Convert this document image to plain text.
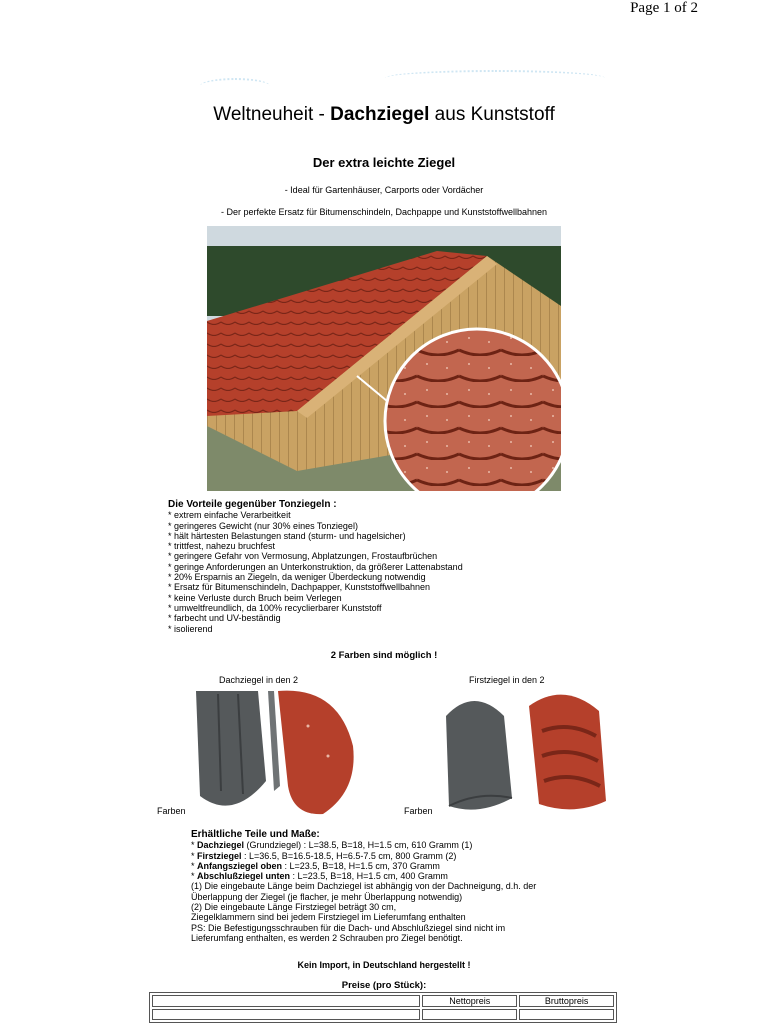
Page 1 of 2
Weltneuheit - Dachziegel aus Kunststoff
Der extra leichte Ziegel
- Ideal für Gartenhäuser, Carports oder Vordächer
- Der perfekte Ersatz für Bitumenschindeln, Dachpappe und Kunststoffwellbahnen
Die Vorteile gegenüber Tonziegeln :
* extrem einfache Verarbeitkeit
* geringeres Gewicht (nur 30% eines Tonziegel)
* hält härtesten Belastungen stand (sturm- und hagelsicher)
* trittfest, nahezu bruchfest
* geringere Gefahr von Vermosung, Abplatzungen, Frostaufbrüchen
* geringe Anforderungen an Unterkonstruktion, da größerer Lattenabstand
* 20% Ersparnis an Ziegeln, da weniger Überdeckung notwendig
* Ersatz für Bitumenschindeln, Dachpapper, Kunststoffwellbahnen
* keine Verluste durch Bruch beim Verlegen
* umweltfreundlich, da 100% recyclierbarer Kunststoff
* farbecht und UV-beständig
* isolierend
2 Farben sind möglich !
Dachziegel in den 2
Farben
Firstziegel in den 2
Farben
Erhältliche Teile und Maße:
* Dachziegel (Grundziegel) : L=38.5, B=18, H=1.5 cm, 610 Gramm (1)
* Firstziegel : L=36.5, B=16.5-18.5, H=6.5-7.5 cm, 800 Gramm (2)
* Anfangsziegel oben : L=23.5, B=18, H=1.5 cm, 370 Gramm
* Abschlußziegel unten : L=23.5, B=18, H=1.5 cm, 400 Gramm
(1) Die eingebaute Länge beim Dachziegel ist abhängig von der Dachneigung, d.h. der
Überlappung der Ziegel (je flacher, je mehr Überlappung notwendig)
(2) Die eingebaute Länge Firstziegel beträgt 30 cm,
Ziegelklammern sind bei jedem Firstziegel im Lieferumfang enthalten
PS: Die Befestigungsschrauben für die Dach- und Abschlußziegel sind nicht im
Lieferumfang enthalten, es werden 2 Schrauben pro Ziegel benötigt.
Kein Import, in Deutschland hergestellt !
Preise (pro Stück):
	Nettopreis	Bruttopreis
